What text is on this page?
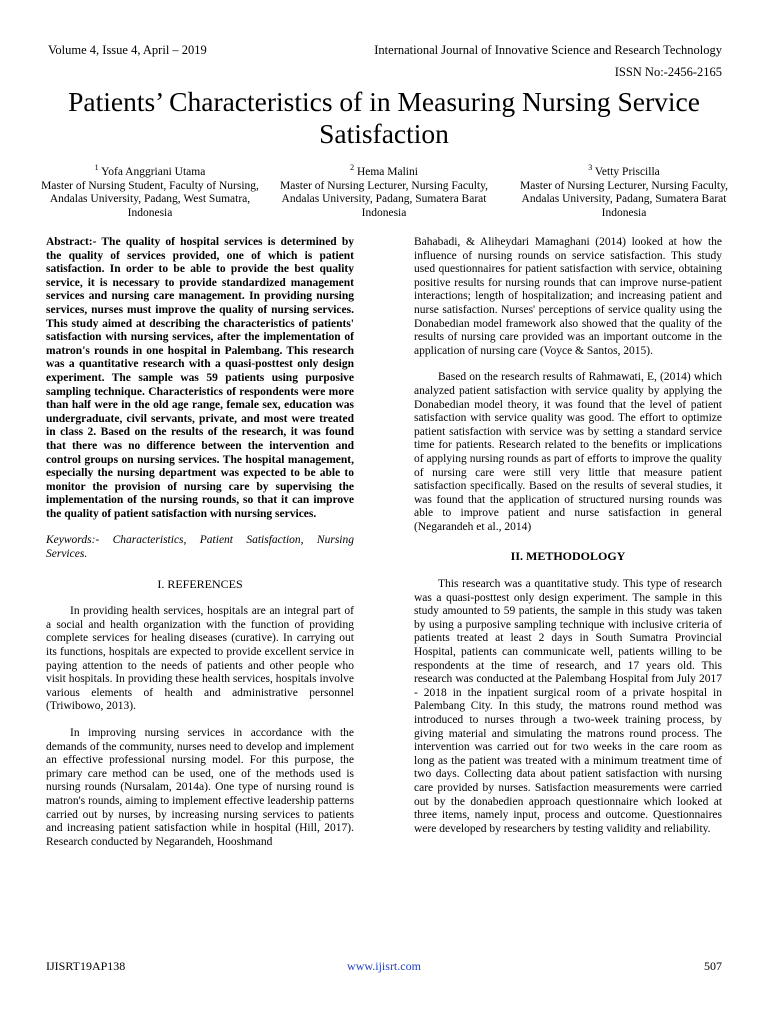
Volume 4, Issue 4, April – 2019	International Journal of Innovative Science and Research Technology
ISSN No:-2456-2165
Patients’ Characteristics of in Measuring Nursing Service Satisfaction
$^1$ Yofa Anggriani Utama
Master of Nursing Student, Faculty of Nursing, Andalas University, Padang, West Sumatra, Indonesia
$^2$ Hema Malini
Master of Nursing Lecturer, Nursing Faculty, Andalas University, Padang, Sumatera Barat Indonesia
$^3$ Vetty Priscilla
Master of Nursing Lecturer, Nursing Faculty, Andalas University, Padang, Sumatera Barat Indonesia

Abstract:- The quality of hospital services is determined by the quality of services provided, one of which is patient satisfaction. In order to be able to provide the best quality service, it is necessary to provide standardized management services and nursing care management. In providing nursing services, nurses must improve the quality of nursing services. This study aimed at describing the characteristics of patients' satisfaction with nursing services, after the implementation of matron's rounds in one hospital in Palembang. This research was a quantitative research with a quasi-posttest only design experiment. The sample was 59 patients using purposive sampling technique. Characteristics of respondents were more than half were in the old age range, female sex, education was undergraduate, civil servants, private, and most were treated in class 2. Based on the results of the research, it was found that there was no difference between the intervention and control groups on nursing services. The hospital management, especially the nursing department was expected to be able to monitor the provision of nursing care by supervising the implementation of the nursing rounds, so that it can improve the quality of patient satisfaction with nursing services.

Keywords:- Characteristics, Patient Satisfaction, Nursing Services.

I. REFERENCES

In providing health services, hospitals are an integral part of a social and health organization with the function of providing complete services for healing diseases (curative). In carrying out its functions, hospitals are expected to provide excellent service in paying attention to the needs of patients and other people who visit hospitals. In providing these health services, hospitals involve various elements of health and administrative personnel (Triwibowo, 2013).

In improving nursing services in accordance with the demands of the community, nurses need to develop and implement an effective professional nursing model. For this purpose, the primary care method can be used, one of the methods used is nursing rounds (Nursalam, 2014a). One type of nursing round is matron's rounds, aiming to implement effective leadership patterns carried out by nurses, by increasing nursing services to patients and increasing patient satisfaction while in hospital (Hill, 2017). Research conducted by Negarandeh, Hooshmand

Bahabadi, & Aliheydari Mamaghani (2014) looked at how the influence of nursing rounds on service satisfaction. This study used questionnaires for patient satisfaction with service, obtaining positive results for nursing rounds that can improve nurse-patient interactions; length of hospitalization; and increasing patient and nurse satisfaction. Nurses' perceptions of service quality using the Donabedian model framework also showed that the quality of the results of nursing care provided was an important outcome in the application of nursing care (Voyce & Santos, 2015).

Based on the research results of Rahmawati, E, (2014) which analyzed patient satisfaction with service quality by applying the Donabedian model theory, it was found that the level of patient satisfaction with service quality was good. The effort to optimize patient satisfaction with service was by setting a standard service time for patients. Research related to the benefits or implications of applying nursing rounds as part of efforts to improve the quality of nursing care were still very little that measure patient satisfaction specifically. Based on the results of several studies, it was found that the application of structured nursing rounds was able to improve patient and nurse satisfaction in general (Negarandeh et al., 2014)

II. METHODOLOGY

This research was a quantitative study. This type of research was a quasi-posttest only design experiment. The sample in this study amounted to 59 patients, the sample in this study was taken by using a purposive sampling technique with inclusive criteria of patients treated at least 2 days in South Sumatra Provincial Hospital, patients can communicate well, patients willing to be respondents at the time of research, and 17 years old. This research was conducted at the Palembang Hospital from July 2017 - 2018 in the inpatient surgical room of a private hospital in Palembang City. In this study, the matrons round method was introduced to nurses through a two-week training process, by giving material and simulating the matrons round process. The intervention was carried out for two weeks in the care room as long as the patient was treated with a minimum treatment time of two days. Collecting data about patient satisfaction with nursing care provided by nurses. Satisfaction measurements were carried out by the donabedien approach questionnaire which looked at three items, namely input, process and outcome. Questionnaires were developed by researchers by testing validity and reliability.

IJISRT19AP138	www.ijisrt.com	507
